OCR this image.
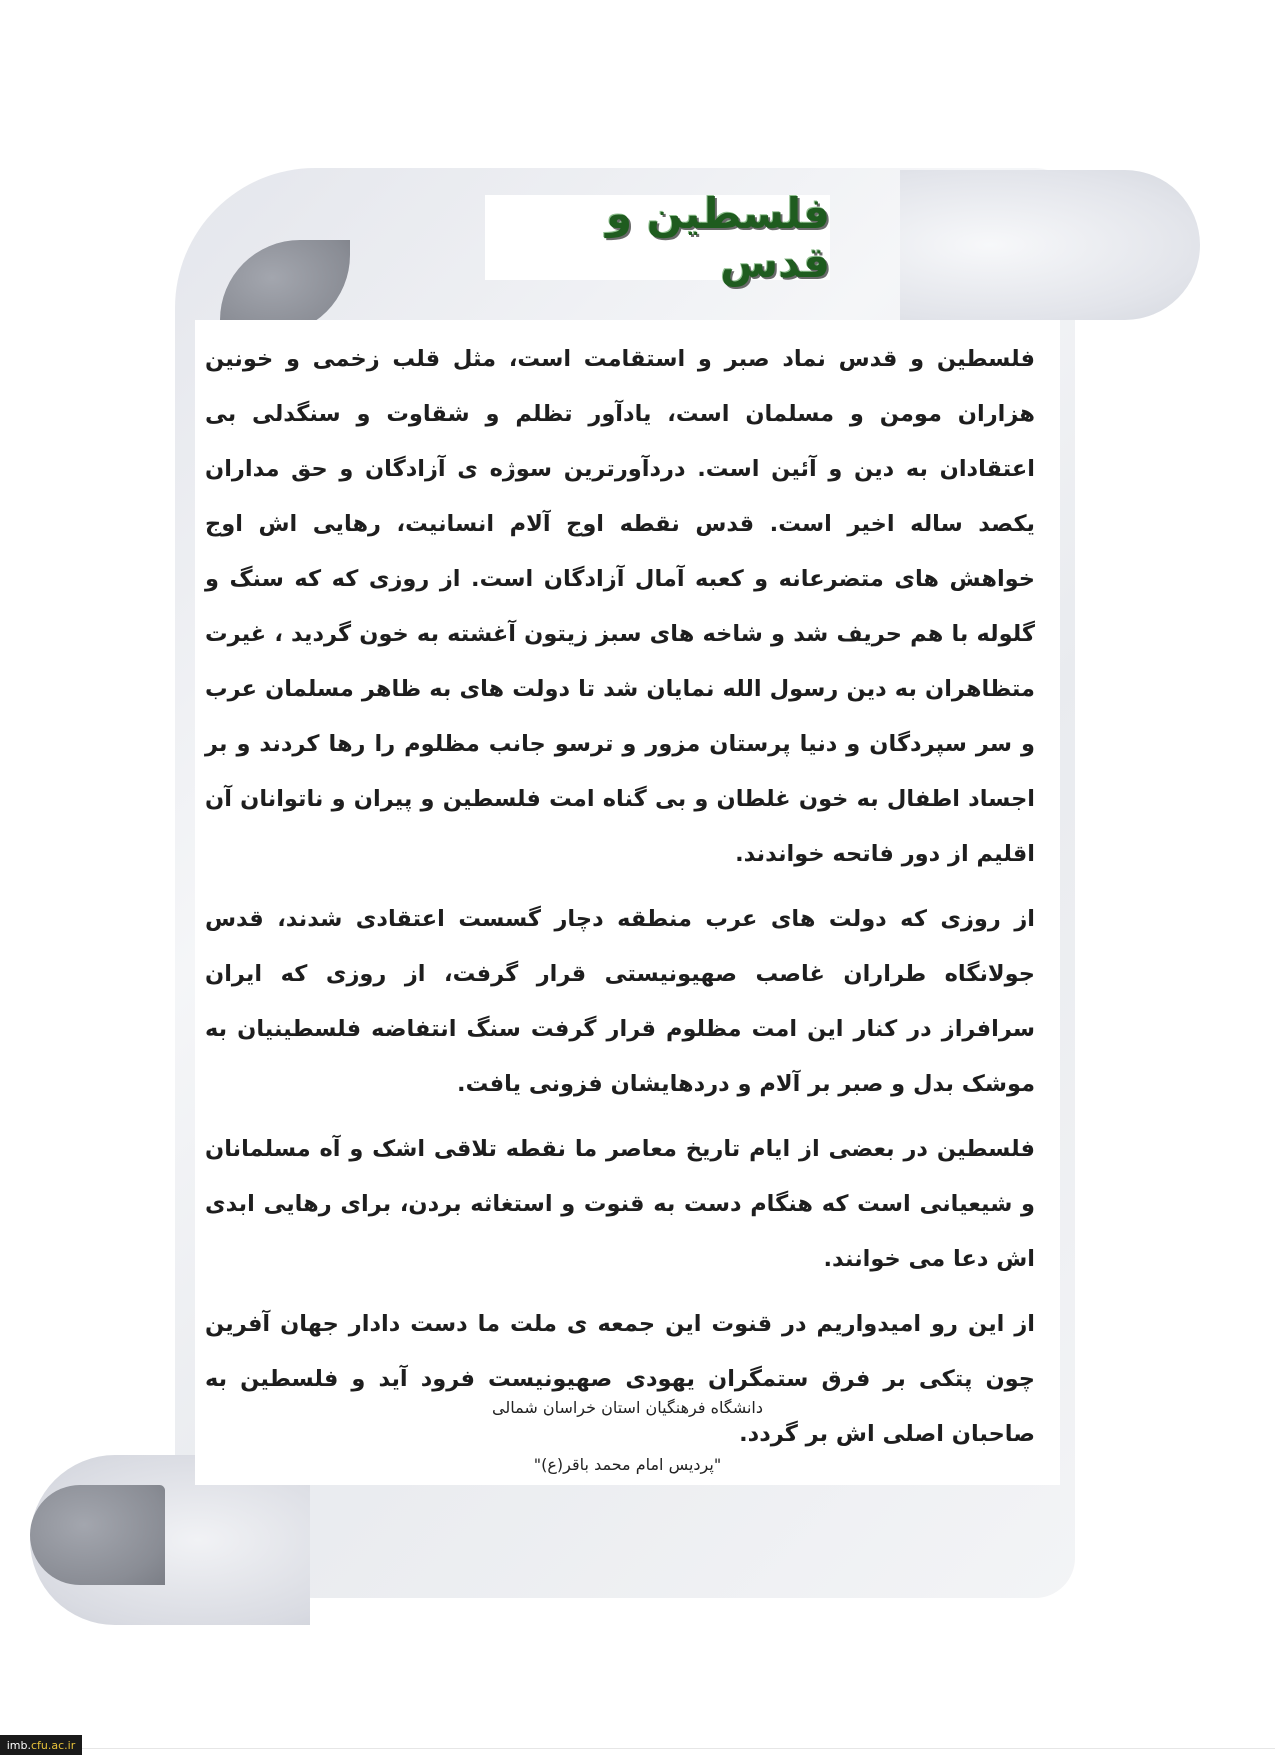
فلسطین و قدس

فلسطین و قدس نماد صبر و استقامت است، مثل قلب زخمی و خونین هزاران مومن و مسلمان است، یادآور تظلم و شقاوت و سنگدلی بی اعتقادان به دین و آئین است. دردآورترین سوژه ی آزادگان و حق مداران یکصد ساله اخیر است. قدس نقطه اوج آلام انسانیت، رهایی اش اوج خواهش های متضرعانه و کعبه آمال آزادگان است. از روزی که که سنگ و گلوله با هم حریف شد و شاخه های سبز زیتون آغشته به خون گردید ، غیرت متظاهران به دین رسول الله نمایان شد تا دولت های به ظاهر مسلمان عرب و سر سپردگان و دنیا پرستان مزور و ترسو جانب مظلوم را رها کردند و بر اجساد اطفال به خون غلطان و بی گناه امت فلسطین و پیران و ناتوانان آن اقلیم از دور فاتحه خواندند.

از روزی که دولت های عرب منطقه دچار گسست اعتقادی شدند، قدس جولانگاه طراران غاصب صهیونیستی قرار گرفت، از روزی که ایران سرافراز در کنار این امت مظلوم قرار گرفت سنگ انتفاضه فلسطینیان به موشک بدل و صبر بر آلام و دردهایشان فزونی یافت.

فلسطین در بعضی از ایام تاریخ معاصر ما نقطه تلاقی اشک و آه مسلمانان و شیعیانی است که هنگام دست به قنوت و استغاثه بردن، برای رهایی ابدی اش دعا می خوانند.

از این رو امیدواریم در قنوت این جمعه ی ملت ما دست دادار جهان آفرین چون پتکی بر فرق ستمگران یهودی صهیونیست فرود آید و فلسطین به صاحبان اصلی اش بر گردد.

دانشگاه فرهنگیان استان خراسان شمالی
"پردیس امام محمد باقر(ع)"
imb. cfu.ac.ir
